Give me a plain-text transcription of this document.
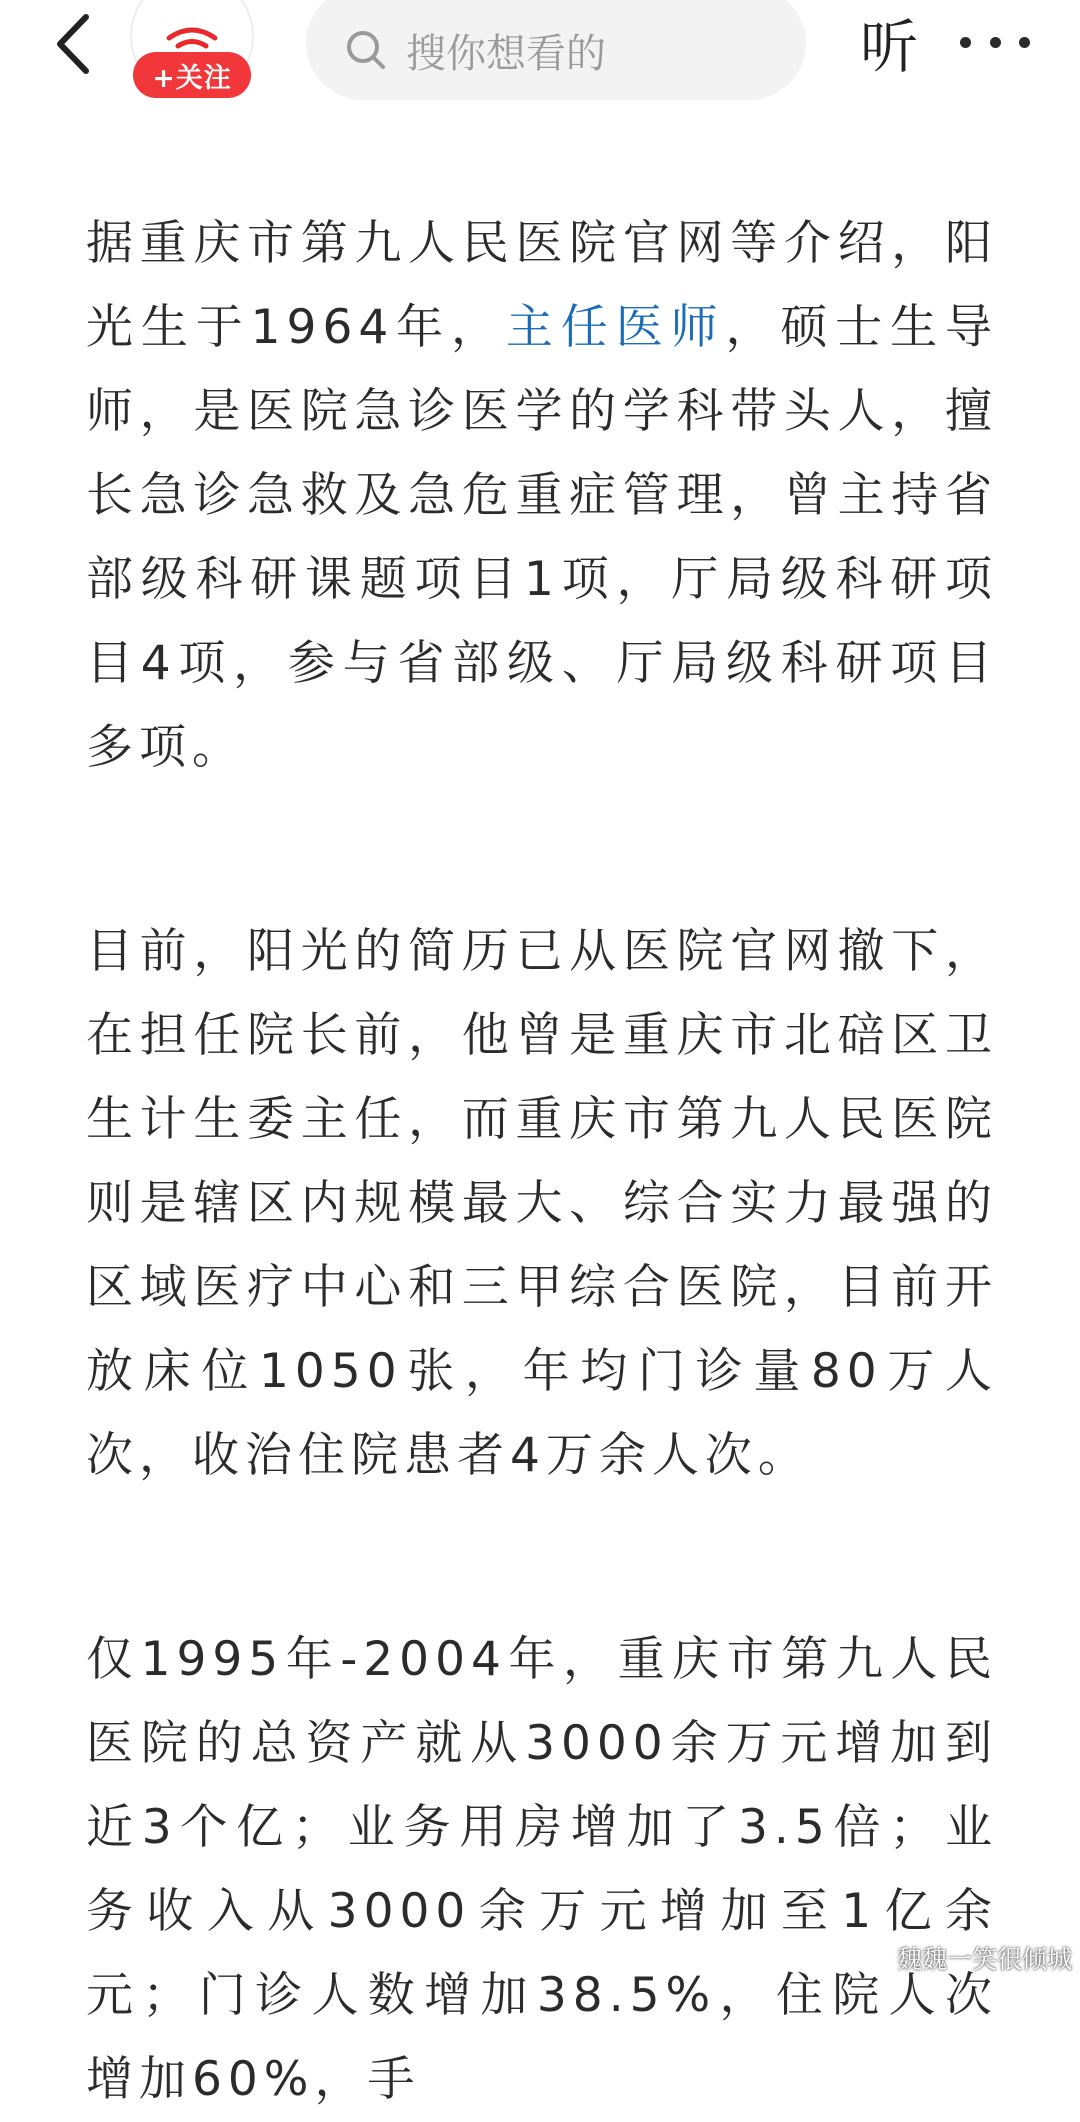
+关注
搜你想看的	听

据重庆市第九人民医院官网等介绍，阳光生于1964年，主任医师，硕士生导师，是医院急诊医学的学科带头人，擅长急诊急救及急危重症管理，曾主持省部级科研课题项目1项，厅局级科研项目4项，参与省部级、厅局级科研项目多项。

目前，阳光的简历已从医院官网撤下，在担任院长前，他曾是重庆市北碚区卫生计生委主任，而重庆市第九人民医院则是辖区内规模最大、综合实力最强的区域医疗中心和三甲综合医院，目前开放床位1050张，年均门诊量80万人次，收治住院患者4万余人次。

仅1995年-2004年，重庆市第九人民医院的总资产就从3000余万元增加到近3个亿；业务用房增加了3.5倍；业务收入从3000余万元增加至1亿余元；门诊人数增加38.5%，住院人次增加60%，手

魏魏一笑很倾城
